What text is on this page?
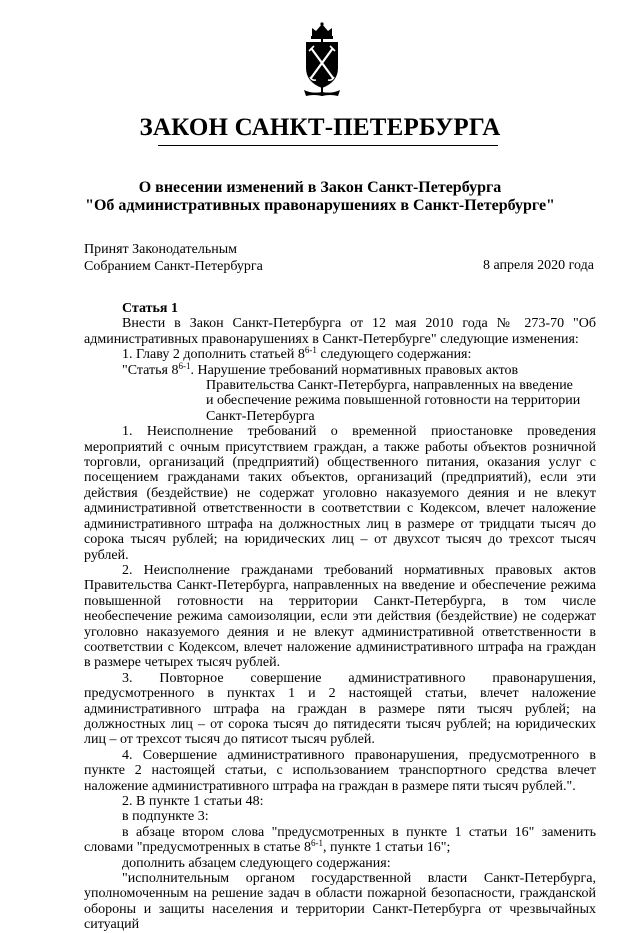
ЗАКОН САНКТ-ПЕТЕРБУРГА
О внесении изменений в Закон Санкт-Петербурга
"Об административных правонарушениях в Санкт-Петербурге"
Принят Законодательным
Собранием Санкт-Петербурга	8 апреля 2020 года

Статья 1

Внести в Закон Санкт-Петербурга от 12 мая 2010 года № 273-70 "Об административных правонарушениях в Санкт-Петербурге" следующие изменения:

1. Главу 2 дополнить статьей 8$^{6-1}$ следующего содержания:

"Статья 8$^{6-1}$. Нарушение требований нормативных правовых актов

Правительства Санкт-Петербурга, направленных на введение

и обеспечение режима повышенной готовности на территории

Санкт-Петербурга

1. Неисполнение требований о временной приостановке проведения мероприятий с очным присутствием граждан, а также работы объектов розничной торговли, организаций (предприятий) общественного питания, оказания услуг с посещением гражданами таких объектов, организаций (предприятий), если эти действия (бездействие) не содержат уголовно наказуемого деяния и не влекут административной ответственности в соответствии с Кодексом, влечет наложение административного штрафа на должностных лиц в размере от тридцати тысяч до сорока тысяч рублей; на юридических лиц – от двухсот тысяч до трехсот тысяч рублей.

2. Неисполнение гражданами требований нормативных правовых актов Правительства Санкт-Петербурга, направленных на введение и обеспечение режима повышенной готовности на территории Санкт-Петербурга, в том числе необеспечение режима самоизоляции, если эти действия (бездействие) не содержат уголовно наказуемого деяния и не влекут административной ответственности в соответствии с Кодексом, влечет наложение административного штрафа на граждан в размере четырех тысяч рублей.

3. Повторное совершение административного правонарушения, предусмотренного в пунктах 1 и 2 настоящей статьи, влечет наложение административного штрафа на граждан в размере пяти тысяч рублей; на должностных лиц – от сорока тысяч до пятидесяти тысяч рублей; на юридических лиц – от трехсот тысяч до пятисот тысяч рублей.

4. Совершение административного правонарушения, предусмотренного в пункте 2 настоящей статьи, с использованием транспортного средства влечет наложение административного штрафа на граждан в размере пяти тысяч рублей.".

2. В пункте 1 статьи 48:

в подпункте 3:

в абзаце втором слова "предусмотренных в пункте 1 статьи 16" заменить словами "предусмотренных в статье 8$^{6-1}$, пункте 1 статьи 16";

дополнить абзацем следующего содержания:

"исполнительным органом государственной власти Санкт-Петербурга, уполномоченным на решение задач в области пожарной безопасности, гражданской обороны и защиты населения и территории Санкт-Петербурга от чрезвычайных ситуаций
